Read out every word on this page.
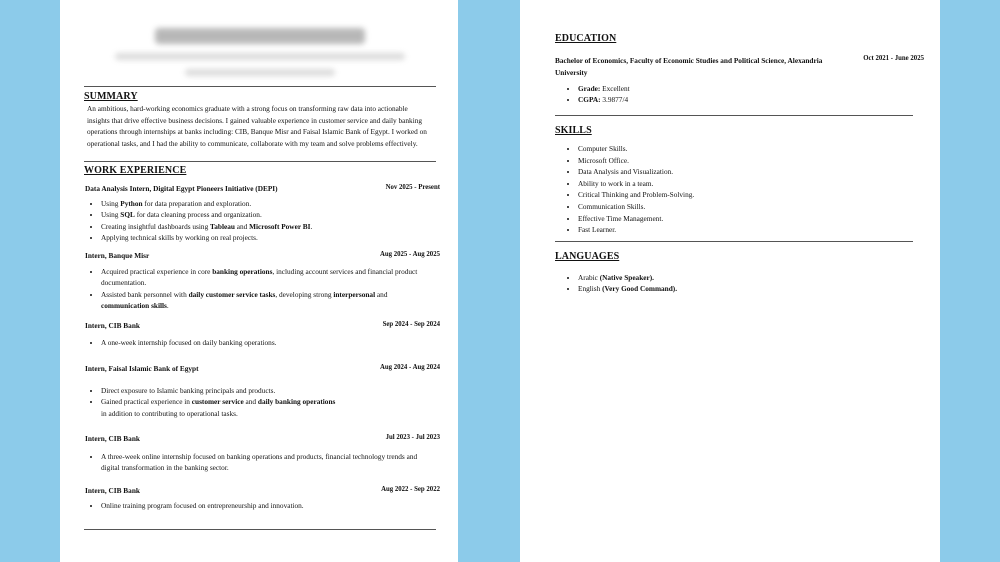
SUMMARY
An ambitious, hard-working economics graduate with a strong focus on transforming raw data into actionable insights that drive effective business decisions. I gained valuable experience in customer service and daily banking operations through internships at banks including: CIB, Banque Misr and Faisal Islamic Bank of Egypt. I worked on operational tasks, and I had the ability to communicate, collaborate with my team and solve problems effectively.
WORK EXPERIENCE
Data Analysis Intern, Digital Egypt Pioneers Initiative (DEPI)	Nov 2025 - Present
• Using Python for data preparation and exploration.
• Using SQL for data cleaning process and organization.
• Creating insightful dashboards using Tableau and Microsoft Power BI.
• Applying technical skills by working on real projects.
Intern, Banque Misr	Aug 2025 - Aug 2025
• Acquired practical experience in core banking operations, including account services and financial product documentation.
• Assisted bank personnel with daily customer service tasks, developing strong interpersonal and communication skills.
Intern, CIB Bank	Sep 2024 - Sep 2024
• A one-week internship focused on daily banking operations.
Intern, Faisal Islamic Bank of Egypt	Aug 2024 - Aug 2024
• Direct exposure to Islamic banking principals and products.
• Gained practical experience in customer service and daily banking operations in addition to contributing to operational tasks.
Intern, CIB Bank	Jul 2023 - Jul 2023
• A three-week online internship focused on banking operations and products, financial technology trends and digital transformation in the banking sector.
Intern, CIB Bank	Aug 2022 - Sep 2022
• Online training program focused on entrepreneurship and innovation.
EDUCATION
Bachelor of Economics, Faculty of Economic Studies and Political Science, Alexandria University
Oct 2021 - June 2025
• Grade: Excellent
• CGPA: 3.9877/4
SKILLS
• Computer Skills.
• Microsoft Office.
• Data Analysis and Visualization.
• Ability to work in a team.
• Critical Thinking and Problem-Solving.
• Communication Skills.
• Effective Time Management.
• Fast Learner.
LANGUAGES
• Arabic (Native Speaker).
• English (Very Good Command).
